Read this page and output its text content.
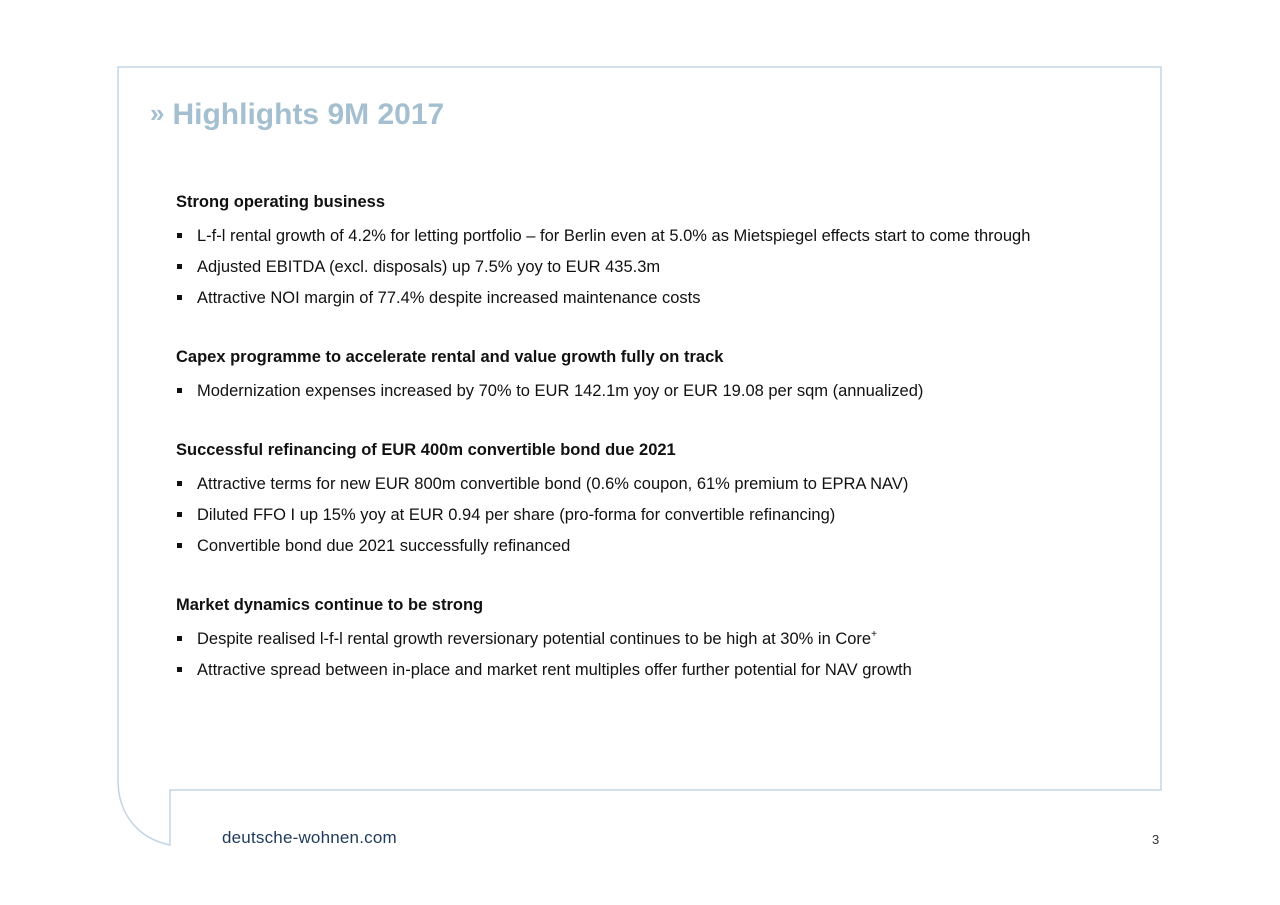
» Highlights 9M 2017
Strong operating business
L-f-l rental growth of 4.2% for letting portfolio – for Berlin even at 5.0% as Mietspiegel effects start to come through
Adjusted EBITDA (excl. disposals) up 7.5% yoy to EUR 435.3m
Attractive NOI margin of 77.4% despite increased maintenance costs
Capex programme to accelerate rental and value growth fully on track
Modernization expenses increased by 70% to EUR 142.1m yoy or EUR 19.08 per sqm (annualized)
Successful refinancing of EUR 400m convertible bond due 2021
Attractive terms for new EUR 800m convertible bond (0.6% coupon, 61% premium to EPRA NAV)
Diluted FFO I up 15% yoy at EUR 0.94 per share (pro-forma for convertible refinancing)
Convertible bond due 2021 successfully refinanced
Market dynamics continue to be strong
Despite realised l-f-l rental growth reversionary potential continues to be high at 30% in Core+
Attractive spread between in-place and market rent multiples offer further potential for NAV growth
deutsche-wohnen.com	3
